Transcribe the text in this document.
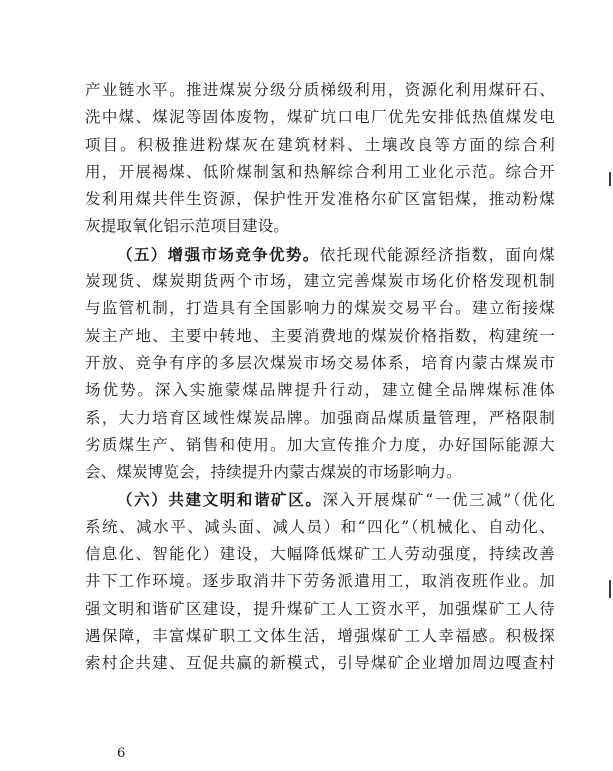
产业链水平。推进煤炭分级分质梯级利用，资源化利用煤矸石、
洗中煤、煤泥等固体废物，煤矿坑口电厂优先安排低热值煤发电
项目。积极推进粉煤灰在建筑材料、土壤改良等方面的综合利
用，开展褐煤、低阶煤制氢和热解综合利用工业化示范。综合开
发利用煤共伴生资源，保护性开发准格尔矿区富铝煤，推动粉煤
灰提取氧化铝示范项目建设。
（五）增强市场竞争优势。依托现代能源经济指数，面向煤
炭现货、煤炭期货两个市场，建立完善煤炭市场化价格发现机制
与监管机制，打造具有全国影响力的煤炭交易平台。建立衔接煤
炭主产地、主要中转地、主要消费地的煤炭价格指数，构建统一
开放、竞争有序的多层次煤炭市场交易体系，培育内蒙古煤炭市
场优势。深入实施蒙煤品牌提升行动，建立健全品牌煤标准体
系，大力培育区域性煤炭品牌。加强商品煤质量管理，严格限制
劣质煤生产、销售和使用。加大宣传推介力度，办好国际能源大
会、煤炭博览会，持续提升内蒙古煤炭的市场影响力。
（六）共建文明和谐矿区。深入开展煤矿“一优三减”（优化
系统、减水平、减头面、减人员）和“四化”（机械化、自动化、
信息化、智能化）建设，大幅降低煤矿工人劳动强度，持续改善
井下工作环境。逐步取消井下劳务派遣用工，取消夜班作业。加
强文明和谐矿区建设，提升煤矿工人工资水平，加强煤矿工人待
遇保障，丰富煤矿职工文体生活，增强煤矿工人幸福感。积极探
索村企共建、互促共赢的新模式，引导煤矿企业增加周边嘎查村
6
